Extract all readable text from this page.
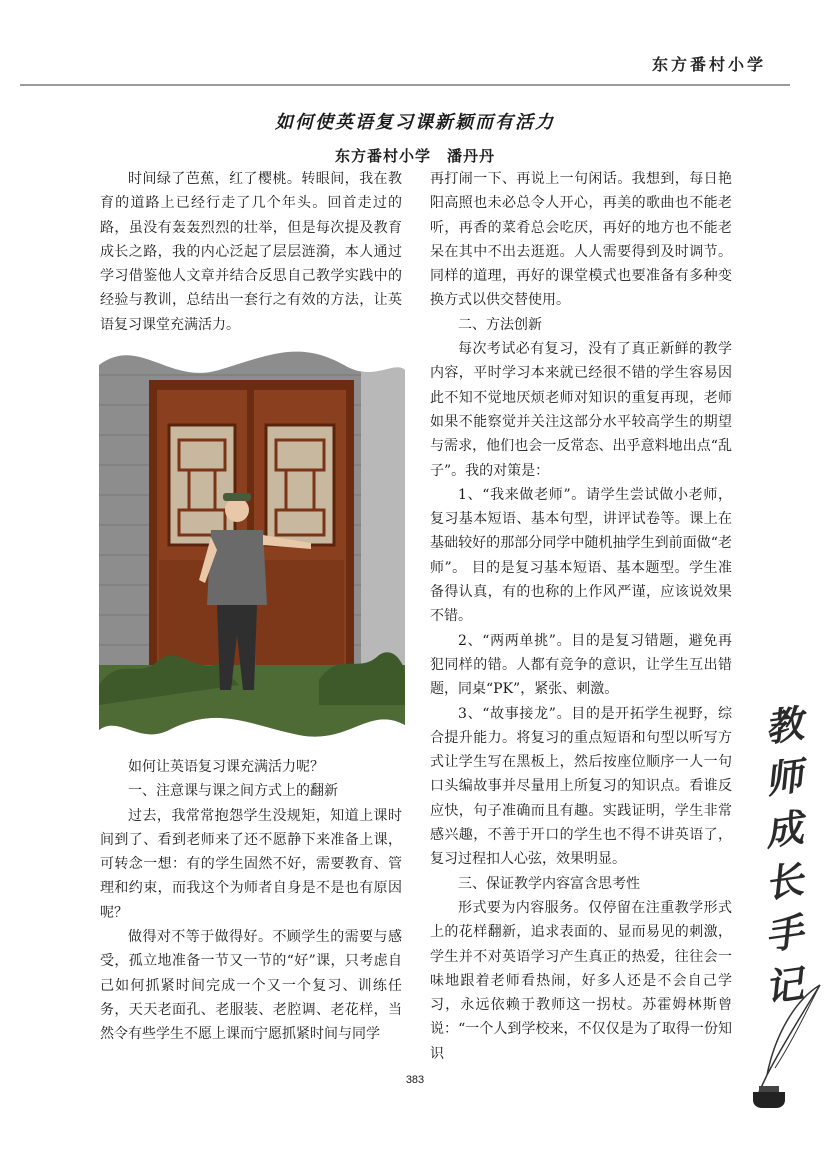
东方番村小学
如何使英语复习课新颖而有活力
东方番村小学　潘丹丹

时间绿了芭蕉，红了樱桃。转眼间，我在教育的道路上已经行走了几个年头。回首走过的路，虽没有轰轰烈烈的壮举，但是每次提及教育成长之路，我的内心泛起了层层涟漪，本人通过学习借鉴他人文章并结合反思自己教学实践中的经验与教训，总结出一套行之有效的方法，让英语复习课堂充满活力。

如何让英语复习课充满活力呢？

一、注意课与课之间方式上的翻新

过去，我常常抱怨学生没规矩，知道上课时间到了、看到老师来了还不愿静下来准备上课，可转念一想：有的学生固然不好，需要教育、管理和约束，而我这个为师者自身是不是也有原因呢？

做得对不等于做得好。不顾学生的需要与感受，孤立地准备一节又一节的“好”课，只考虑自己如何抓紧时间完成一个又一个复习、训练任务，天天老面孔、老服装、老腔调、老花样，当然令有些学生不愿上课而宁愿抓紧时间与同学

再打闹一下、再说上一句闲话。我想到，每日艳阳高照也未必总令人开心，再美的歌曲也不能老听，再香的菜肴总会吃厌，再好的地方也不能老呆在其中不出去逛逛。人人需要得到及时调节。同样的道理，再好的课堂模式也要准备有多种变换方式以供交替使用。

二、方法创新

每次考试必有复习，没有了真正新鲜的教学内容，平时学习本来就已经很不错的学生容易因此不知不觉地厌烦老师对知识的重复再现，老师如果不能察觉并关注这部分水平较高学生的期望与需求，他们也会一反常态、出乎意料地出点“乱子”。我的对策是：

1、“我来做老师”。请学生尝试做小老师，复习基本短语、基本句型，讲评试卷等。课上在基础较好的那部分同学中随机抽学生到前面做“老师”。 目的是复习基本短语、基本题型。学生准备得认真，有的也称的上作风严谨，应该说效果不错。

2、“两两单挑”。目的是复习错题，避免再犯同样的错。人都有竞争的意识，让学生互出错题，同桌“PK”，紧张、刺激。

3、“故事接龙”。目的是开拓学生视野，综合提升能力。将复习的重点短语和句型以听写方式让学生写在黑板上，然后按座位顺序一人一句口头编故事并尽量用上所复习的知识点。看谁反应快，句子准确而且有趣。实践证明，学生非常感兴趣，不善于开口的学生也不得不讲英语了，复习过程扣人心弦，效果明显。

三、保证教学内容富含思考性

形式要为内容服务。仅停留在注重教学形式上的花样翻新，追求表面的、显而易见的刺激，学生并不对英语学习产生真正的热爱，往往会一味地跟着老师看热闹，好多人还是不会自己学习，永远依赖于教师这一拐杖。苏霍姆林斯曾说：“一个人到学校来，不仅仅是为了取得一份知识

教
师
成
长
手
记
383
